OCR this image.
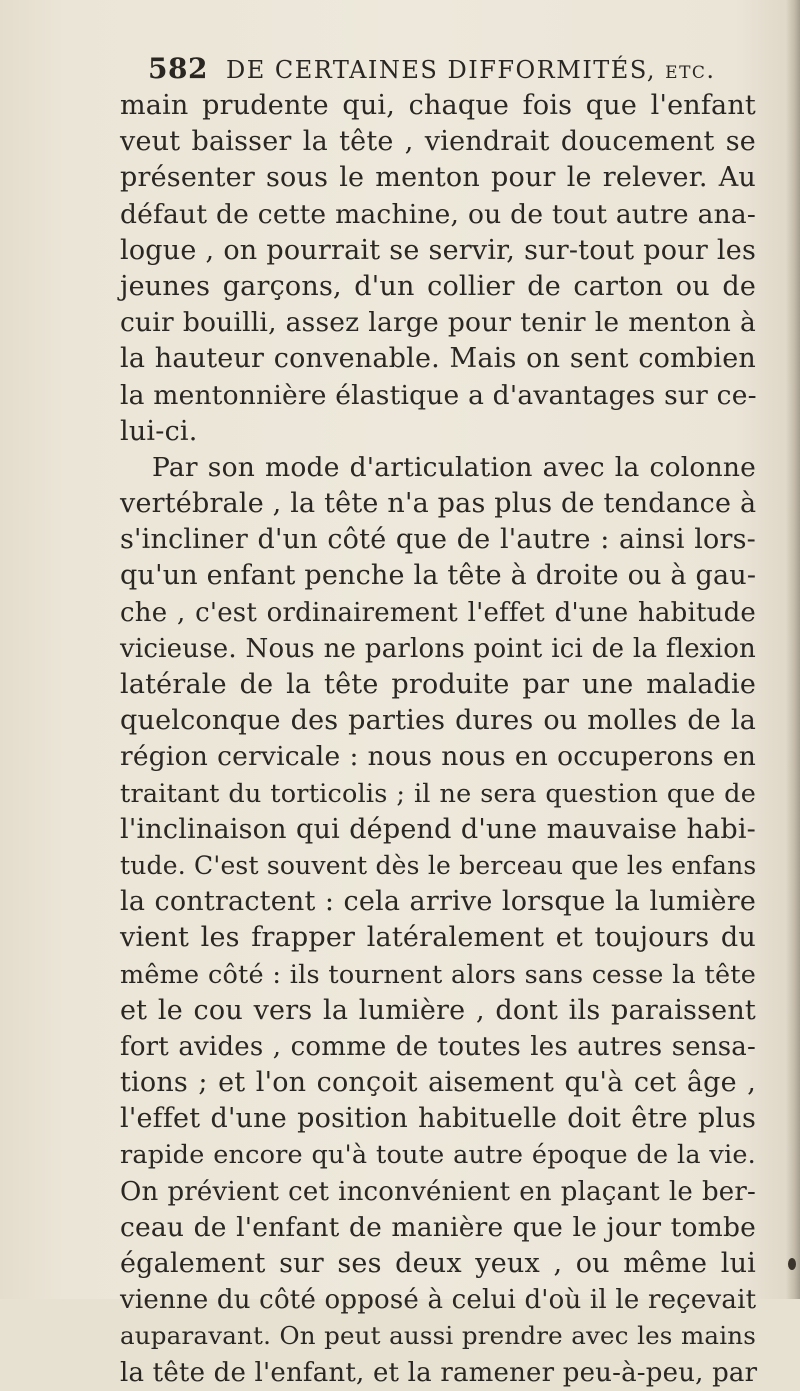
582 DE CERTAINES DIFFORMITÉS, etc.
main prudente qui, chaque fois que l'enfant
veut baisser la tête , viendrait doucement se
présenter sous le menton pour le relever. Au
défaut de cette machine, ou de tout autre ana-
logue , on pourrait se servir, sur-tout pour les
jeunes garçons, d'un collier de carton ou de
cuir bouilli, assez large pour tenir le menton à
la hauteur convenable. Mais on sent combien
la mentonnière élastique a d'avantages sur ce-
lui-ci.
Par son mode d'articulation avec la colonne
vertébrale , la tête n'a pas plus de tendance à
s'incliner d'un côté que de l'autre : ainsi lors-
qu'un enfant penche la tête à droite ou à gau-
che , c'est ordinairement l'effet d'une habitude
vicieuse. Nous ne parlons point ici de la flexion
latérale de la tête produite par une maladie
quelconque des parties dures ou molles de la
région cervicale : nous nous en occuperons en
traitant du torticolis ; il ne sera question que de
l'inclinaison qui dépend d'une mauvaise habi-
tude. C'est souvent dès le berceau que les enfans
la contractent : cela arrive lorsque la lumière
vient les frapper latéralement et toujours du
même côté : ils tournent alors sans cesse la tête
et le cou vers la lumière , dont ils paraissent
fort avides , comme de toutes les autres sensa-
tions ; et l'on conçoit aisement qu'à cet âge ,
l'effet d'une position habituelle doit être plus
rapide encore qu'à toute autre époque de la vie.
On prévient cet inconvénient en plaçant le ber-
ceau de l'enfant de manière que le jour tombe
également sur ses deux yeux , ou même lui
vienne du côté opposé à celui d'où il le reçevait
auparavant. On peut aussi prendre avec les mains
la tête de l'enfant, et la ramener peu-à-peu, par
